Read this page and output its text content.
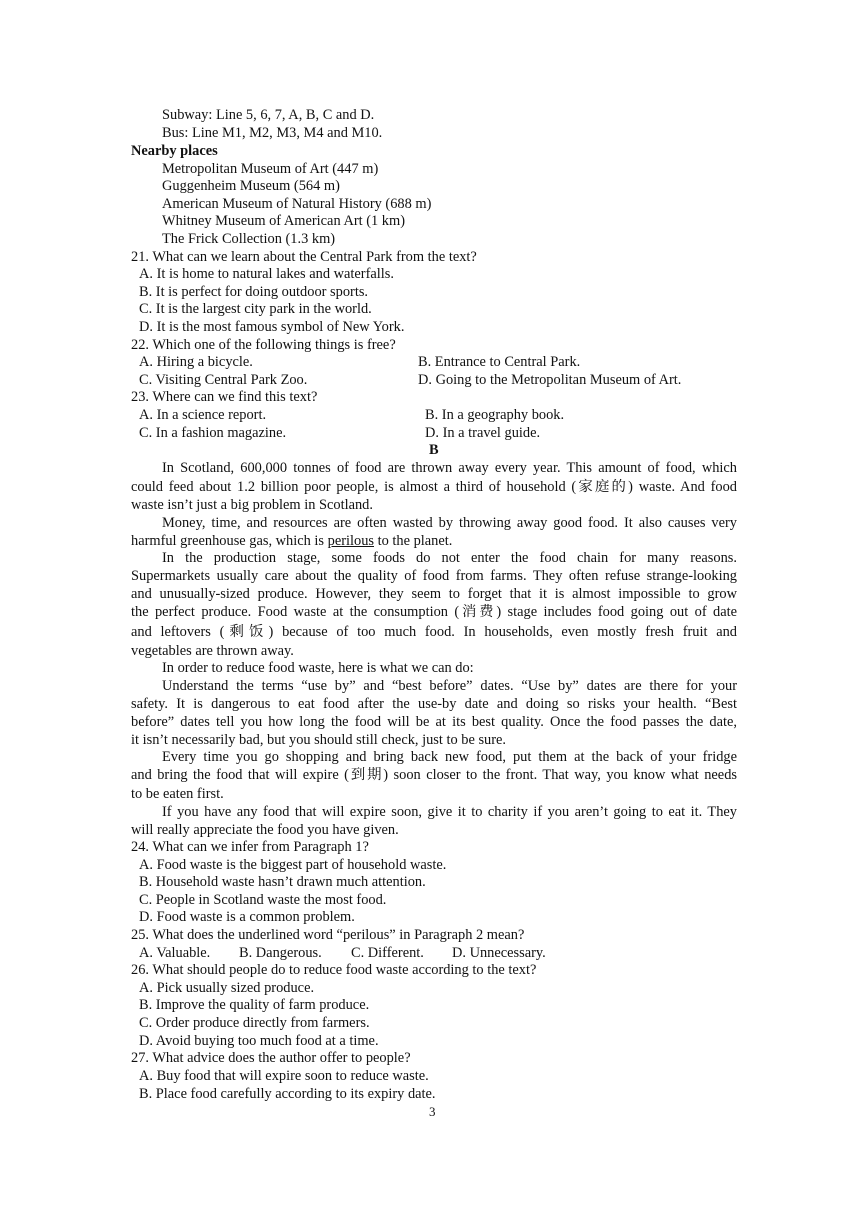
Subway: Line 5, 6, 7, A, B, C and D.
Bus: Line M1, M2, M3, M4 and M10.
Nearby places
Metropolitan Museum of Art (447 m)
Guggenheim Museum (564 m)
American Museum of Natural History (688 m)
Whitney Museum of American Art (1 km)
The Frick Collection (1.3 km)
21. What can we learn about the Central Park from the text?
A. It is home to natural lakes and waterfalls.
B. It is perfect for doing outdoor sports.
C. It is the largest city park in the world.
D. It is the most famous symbol of New York.
22. Which one of the following things is free?
A. Hiring a bicycle.	B. Entrance to Central Park.
C. Visiting Central Park Zoo.	D. Going to the Metropolitan Museum of Art.
23. Where can we find this text?
A. In a science report.	B. In a geography book.
C. In a fashion magazine.	D. In a travel guide.
B
In Scotland, 600,000 tonnes of food are thrown away every year. This amount of food, which
could feed about 1.2 billion poor people, is almost a third of household (家庭的) waste. And food
waste isn’t just a big problem in Scotland.
Money, time, and resources are often wasted by throwing away good food. It also causes very
harmful greenhouse gas, which is perilous to the planet.
In the production stage, some foods do not enter the food chain for many reasons.
Supermarkets usually care about the quality of food from farms. They often refuse strange-looking
and unusually-sized produce. However, they seem to forget that it is almost impossible to grow
the perfect produce. Food waste at the consumption (消费) stage includes food going out of date
and leftovers (剩饭) because of too much food. In households, even mostly fresh fruit and
vegetables are thrown away.
In order to reduce food waste, here is what we can do:
Understand the terms “use by” and “best before” dates. “Use by” dates are there for your
safety. It is dangerous to eat food after the use-by date and doing so risks your health. “Best
before” dates tell you how long the food will be at its best quality. Once the food passes the date,
it isn’t necessarily bad, but you should still check, just to be sure.
Every time you go shopping and bring back new food, put them at the back of your fridge
and bring the food that will expire (到期) soon closer to the front. That way, you know what needs
to be eaten first.
If you have any food that will expire soon, give it to charity if you aren’t going to eat it. They
will really appreciate the food you have given.
24. What can we infer from Paragraph 1?
A. Food waste is the biggest part of household waste.
B. Household waste hasn’t drawn much attention.
C. People in Scotland waste the most food.
D. Food waste is a common problem.
25. What does the underlined word “perilous” in Paragraph 2 mean?
A. Valuable. B. Dangerous. C. Different. D. Unnecessary.
26. What should people do to reduce food waste according to the text?
A. Pick usually sized produce.
B. Improve the quality of farm produce.
C. Order produce directly from farmers.
D. Avoid buying too much food at a time.
27. What advice does the author offer to people?
A. Buy food that will expire soon to reduce waste.
B. Place food carefully according to its expiry date.
3
